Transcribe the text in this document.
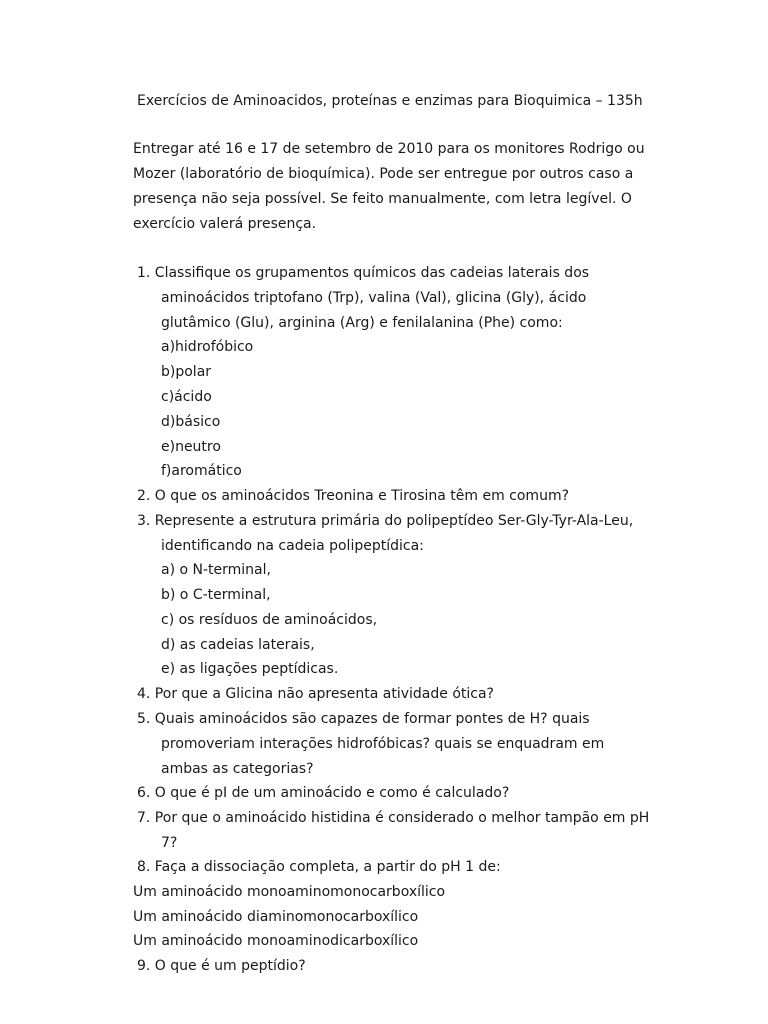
Exercícios de Aminoacidos, proteínas e enzimas para Bioquimica – 135h
Entregar até 16 e 17 de setembro de 2010 para os monitores Rodrigo ou
Mozer (laboratório de bioquímica). Pode ser entregue por outros caso a
presença não seja possível. Se feito manualmente, com letra legível. O
exercício valerá presença.
1. Classifique os grupamentos químicos das cadeias laterais dos
aminoácidos triptofano (Trp), valina (Val), glicina (Gly), ácido
glutâmico (Glu), arginina (Arg) e fenilalanina (Phe) como:
a)hidrofóbico
b)polar
c)ácido
d)básico
e)neutro
f)aromático
2. O que os aminoácidos Treonina e Tirosina têm em comum?
3. Represente a estrutura primária do polipeptídeo Ser-Gly-Tyr-Ala-Leu,
identificando na cadeia polipeptídica:
a) o N-terminal,
b) o C-terminal,
c) os resíduos de aminoácidos,
d) as cadeias laterais,
e) as ligações peptídicas.
4. Por que a Glicina não apresenta atividade ótica?
5. Quais aminoácidos são capazes de formar pontes de H? quais
promoveriam interações hidrofóbicas? quais se enquadram em
ambas as categorias?
6. O que é pI de um aminoácido e como é calculado?
7. Por que o aminoácido histidina é considerado o melhor tampão em pH
7?
8. Faça a dissociação completa, a partir do pH 1 de:
Um aminoácido monoaminomonocarboxílico
Um aminoácido diaminomonocarboxílico
Um aminoácido monoaminodicarboxílico
9. O que é um peptídio?
